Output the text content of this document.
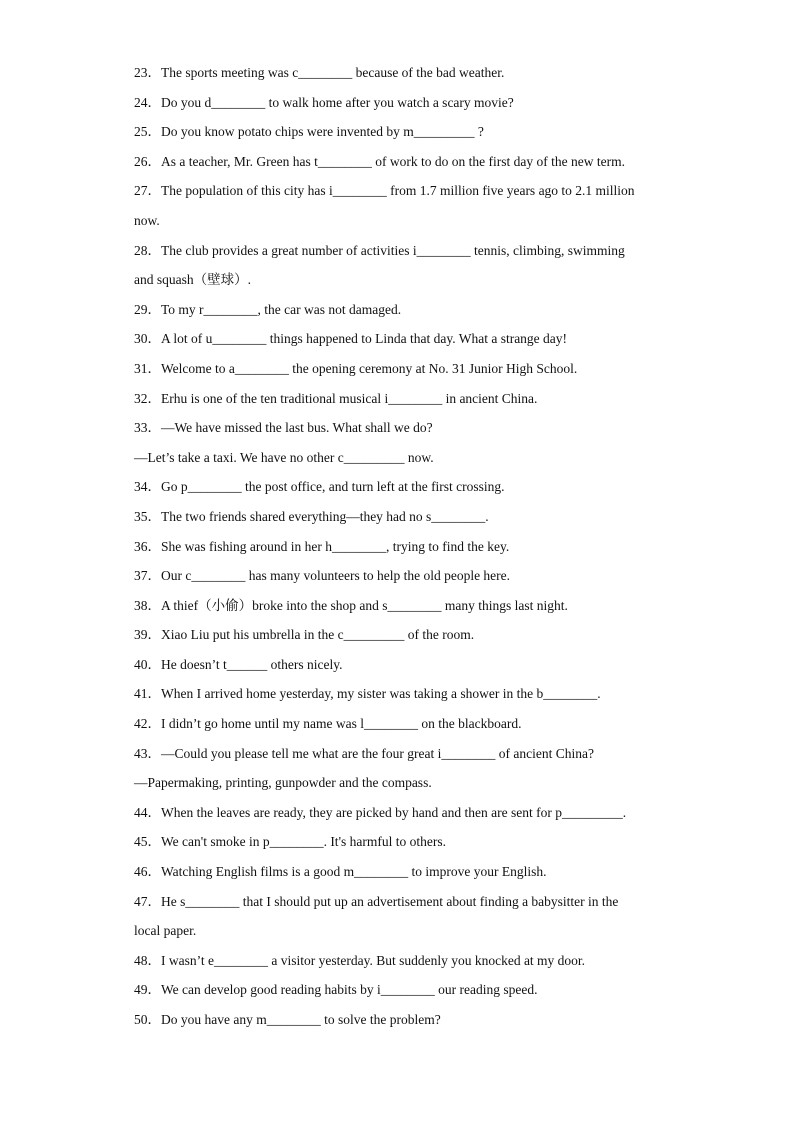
23．The sports meeting was c________ because of the bad weather.
24．Do you d________ to walk home after you watch a scary movie?
25．Do you know potato chips were invented by m_________ ?
26．As a teacher, Mr. Green has t________ of work to do on the first day of the new term.
27．The population of this city has i________ from 1.7 million five years ago to 2.1 million
now.
28．The club provides a great number of activities i________ tennis, climbing, swimming
and squash（壁球）.
29．To my r________, the car was not damaged.
30．A lot of u________ things happened to Linda that day. What a strange day!
31．Welcome to a________ the opening ceremony at No. 31 Junior High School.
32．Erhu is one of the ten traditional musical i________ in ancient China.
33．—We have missed the last bus. What shall we do?
—Let’s take a taxi. We have no other c_________ now.
34．Go p________ the post office, and turn left at the first crossing.
35．The two friends shared everything—they had no s________.
36．She was fishing around in her h________, trying to find the key.
37．Our c________ has many volunteers to help the old people here.
38．A thief（小偷）broke into the shop and s________ many things last night.
39．Xiao Liu put his umbrella in the c_________ of the room.
40．He doesn’t t______ others nicely.
41．When I arrived home yesterday, my sister was taking a shower in the b________.
42．I didn’t go home until my name was l________ on the blackboard.
43．—Could you please tell me what are the four great i________ of ancient China?
—Papermaking, printing, gunpowder and the compass.
44．When the leaves are ready, they are picked by hand and then are sent for p_________.
45．We can't smoke in p________. It's harmful to others.
46．Watching English films is a good m________ to improve your English.
47．He s________ that I should put up an advertisement about finding a babysitter in the
local paper.
48．I wasn’t e________ a visitor yesterday. But suddenly you knocked at my door.
49．We can develop good reading habits by i________ our reading speed.
50．Do you have any m________ to solve the problem?
